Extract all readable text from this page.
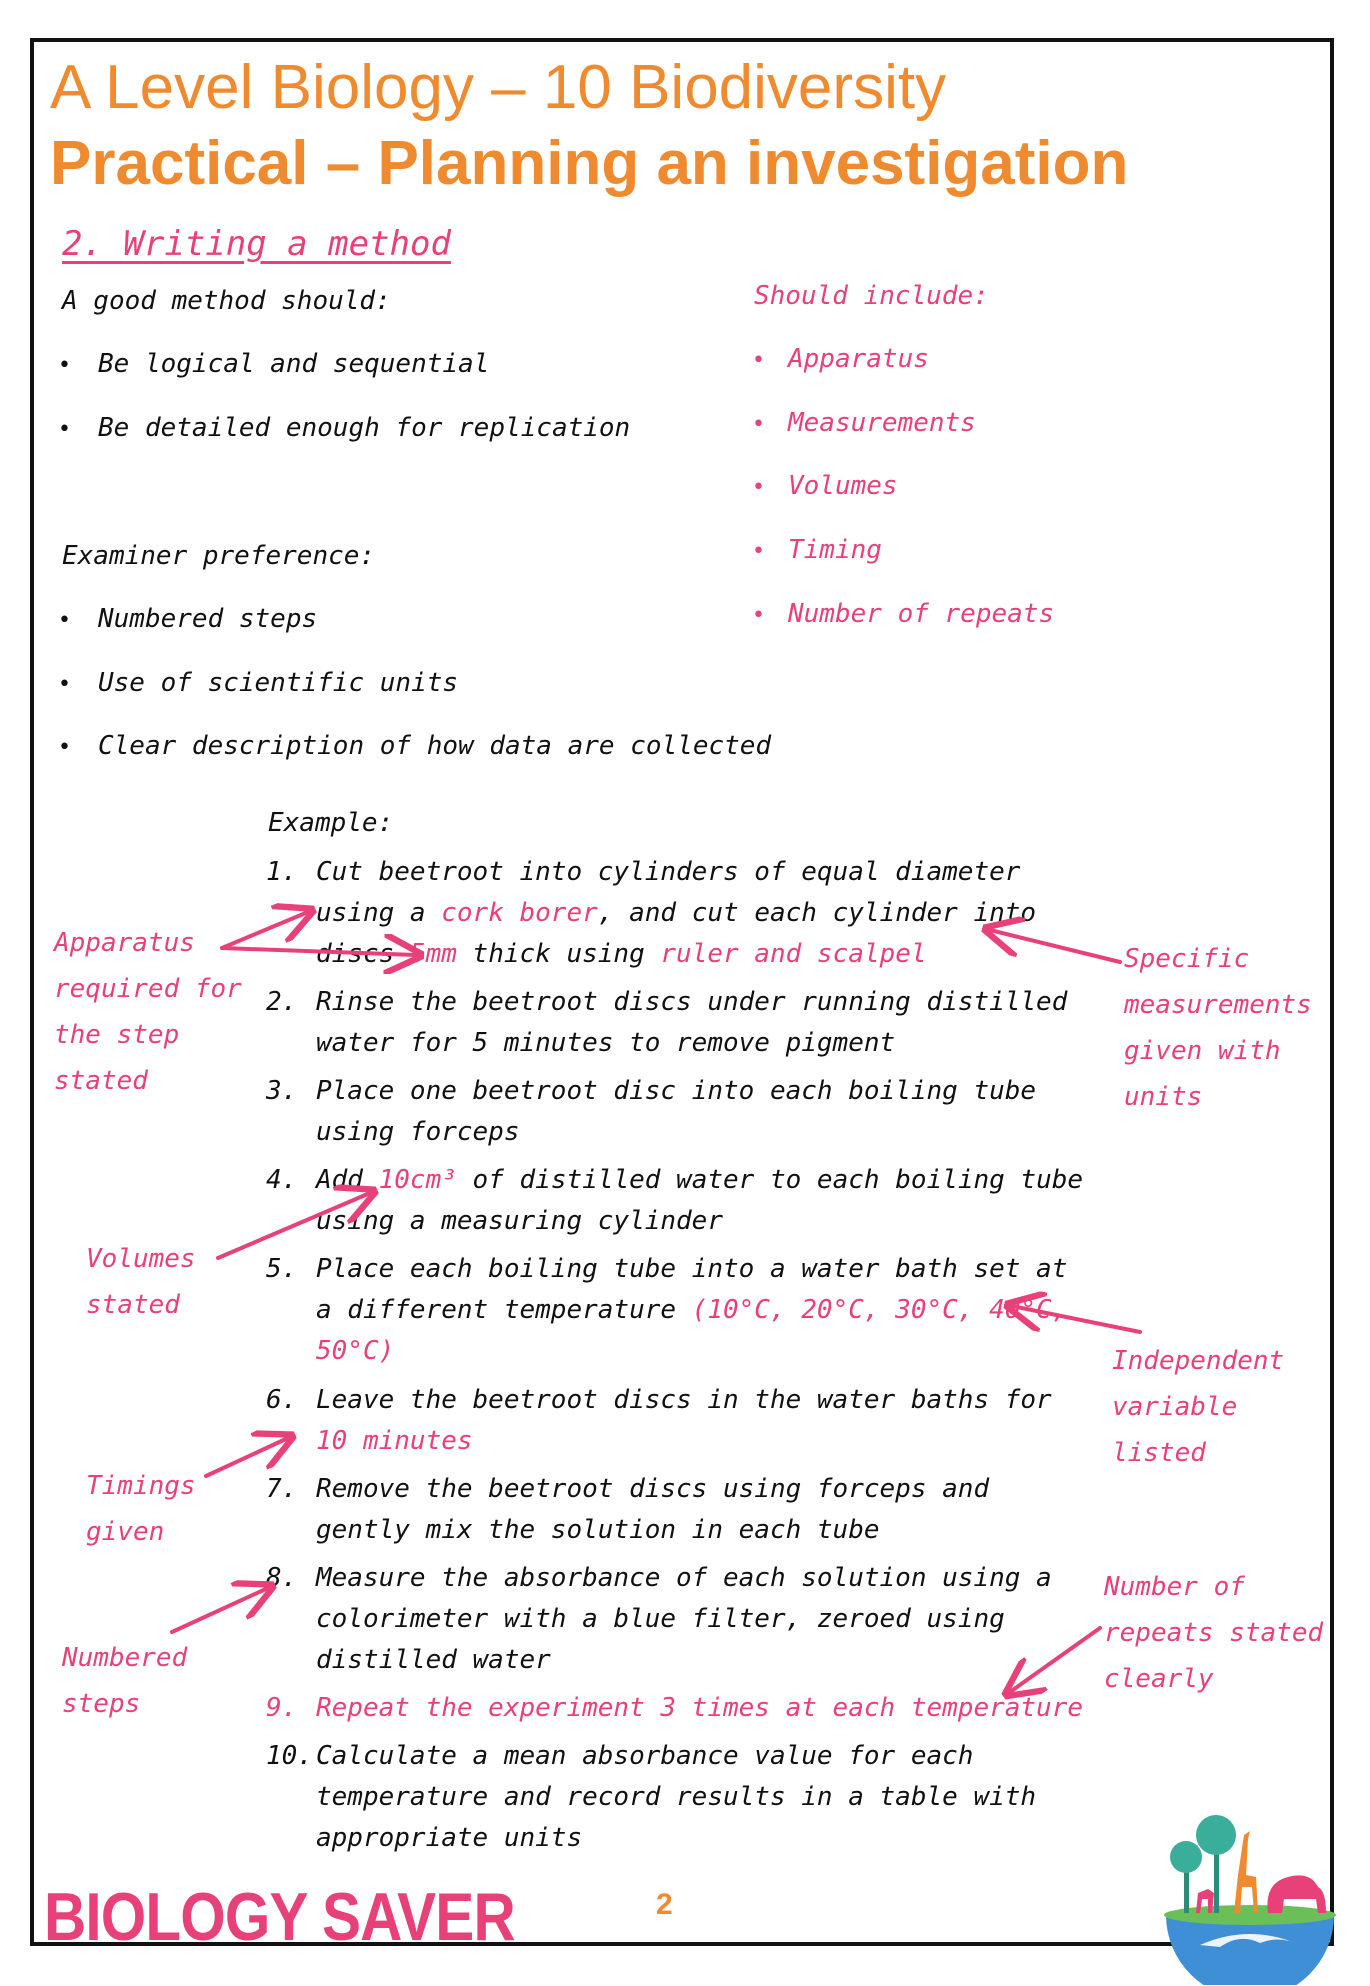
A Level Biology – 10 Biodiversity
Practical – Planning an investigation
2. Writing a method
A good method should:
• Be logical and sequential
• Be detailed enough for replication
Examiner preference:
• Numbered steps
• Use of scientific units
• Clear description of how data are collected
Should include:
• Apparatus
• Measurements
• Volumes
• Timing
• Number of repeats
Example:
1. Cut beetroot into cylinders of equal diameter using a cork borer, and cut each cylinder into discs 5mm thick using ruler and scalpel
2. Rinse the beetroot discs under running distilled water for 5 minutes to remove pigment
3. Place one beetroot disc into each boiling tube using forceps
4. Add 10cm³ of distilled water to each boiling tube using a measuring cylinder
5. Place each boiling tube into a water bath set at a different temperature (10°C, 20°C, 30°C, 40°C, 50°C)
6. Leave the beetroot discs in the water baths for 10 minutes
7. Remove the beetroot discs using forceps and gently mix the solution in each tube
8. Measure the absorbance of each solution using a colorimeter with a blue filter, zeroed using distilled water
9. Repeat the experiment 3 times at each temperature
10. Calculate a mean absorbance value for each temperature and record results in a table with appropriate units
Apparatus required for the step stated
Specific measurements given with units
Volumes stated
Independent variable listed
Timings given
Numbered steps
Number of repeats stated clearly
BIOLOGY SAVER	2
